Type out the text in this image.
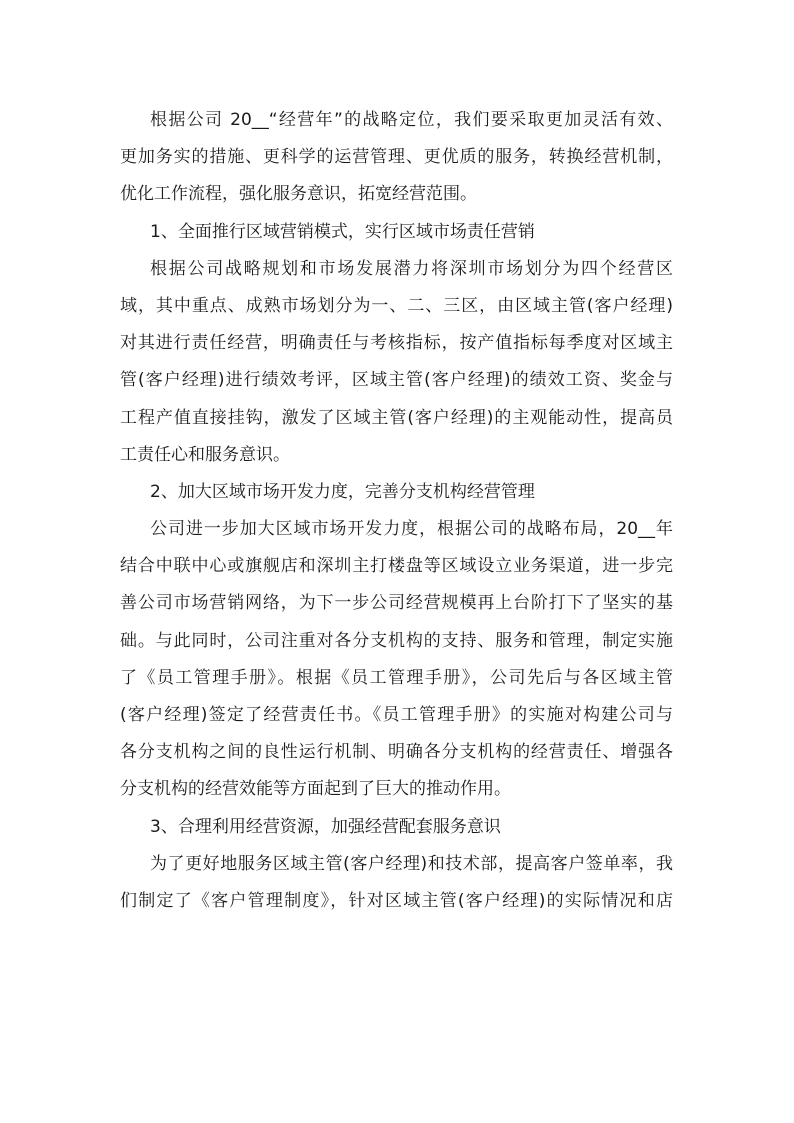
根据公司 20__“经营年”的战略定位，我们要采取更加灵活有效、
更加务实的措施、更科学的运营管理、更优质的服务，转换经营机制，
优化工作流程，强化服务意识，拓宽经营范围。
1、全面推行区域营销模式，实行区域市场责任营销
根据公司战略规划和市场发展潜力将深圳市场划分为四个经营区
域，其中重点、成熟市场划分为一、二、三区，由区域主管(客户经理)
对其进行责任经营，明确责任与考核指标，按产值指标每季度对区域主
管(客户经理)进行绩效考评，区域主管(客户经理)的绩效工资、奖金与
工程产值直接挂钩，激发了区域主管(客户经理)的主观能动性，提高员
工责任心和服务意识。
2、加大区域市场开发力度，完善分支机构经营管理
公司进一步加大区域市场开发力度，根据公司的战略布局，20__年
结合中联中心或旗舰店和深圳主打楼盘等区域设立业务渠道，进一步完
善公司市场营销网络，为下一步公司经营规模再上台阶打下了坚实的基
础。与此同时，公司注重对各分支机构的支持、服务和管理，制定实施
了《员工管理手册》。根据《员工管理手册》，公司先后与各区域主管
(客户经理)签定了经营责任书。《员工管理手册》的实施对构建公司与
各分支机构之间的良性运行机制、明确各分支机构的经营责任、增强各
分支机构的经营效能等方面起到了巨大的推动作用。
3、合理利用经营资源，加强经营配套服务意识
为了更好地服务区域主管(客户经理)和技术部，提高客户签单率，我
们制定了《客户管理制度》，针对区域主管(客户经理)的实际情况和店
